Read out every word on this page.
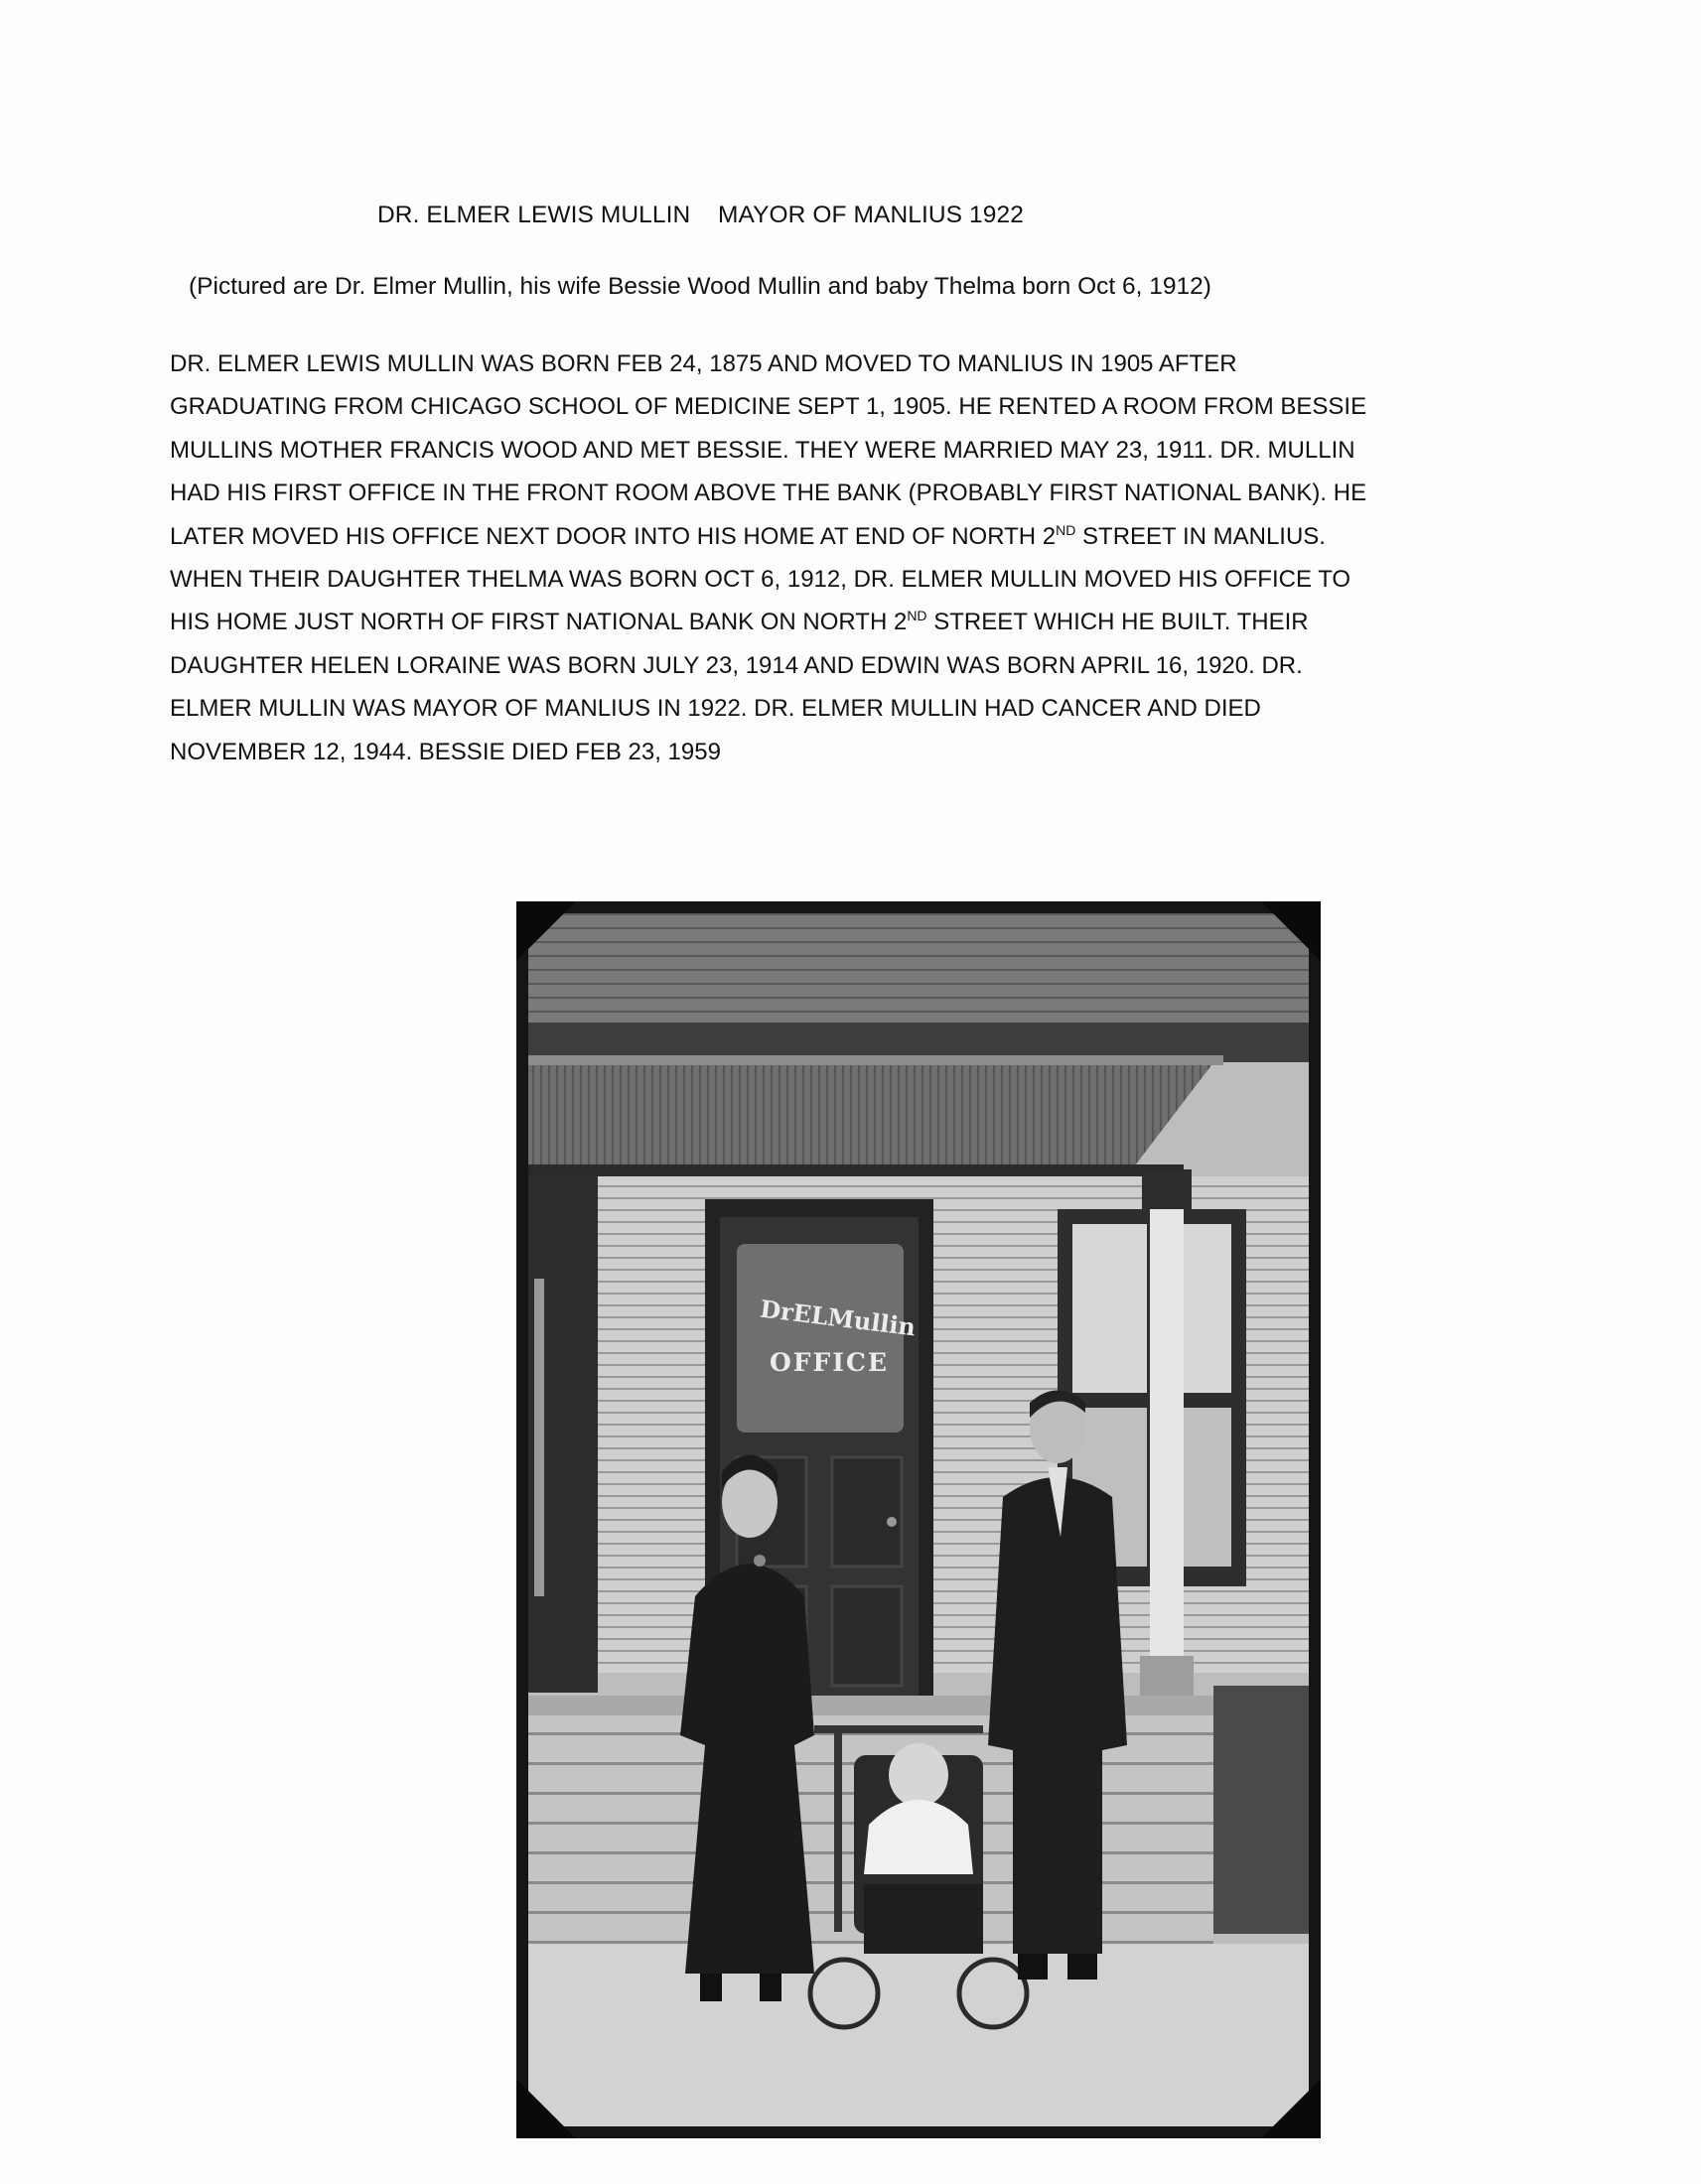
DR. ELMER LEWIS MULLIN    MAYOR OF MANLIUS 1922

(Pictured are Dr. Elmer Mullin, his wife Bessie Wood Mullin and baby Thelma born Oct 6, 1912)

DR. ELMER LEWIS MULLIN WAS BORN FEB 24, 1875 AND MOVED TO MANLIUS IN 1905 AFTER
GRADUATING FROM CHICAGO SCHOOL OF MEDICINE SEPT 1, 1905. HE RENTED A ROOM FROM BESSIE
MULLINS MOTHER FRANCIS WOOD AND MET BESSIE. THEY WERE MARRIED MAY 23, 1911. DR. MULLIN
HAD HIS FIRST OFFICE IN THE FRONT ROOM ABOVE THE BANK (PROBABLY FIRST NATIONAL BANK). HE
LATER MOVED HIS OFFICE NEXT DOOR INTO HIS HOME AT END OF NORTH 2ND STREET IN MANLIUS.
WHEN THEIR DAUGHTER THELMA WAS BORN OCT 6, 1912, DR. ELMER MULLIN MOVED HIS OFFICE TO
HIS HOME JUST NORTH OF FIRST NATIONAL BANK ON NORTH 2ND STREET WHICH HE BUILT. THEIR
DAUGHTER HELEN LORAINE WAS BORN JULY 23, 1914 AND EDWIN WAS BORN APRIL 16, 1920. DR.
ELMER MULLIN WAS MAYOR OF MANLIUS IN 1922. DR. ELMER MULLIN HAD CANCER AND DIED
NOVEMBER 12, 1944. BESSIE DIED FEB 23, 1959
DrELMullin
OFFICE
